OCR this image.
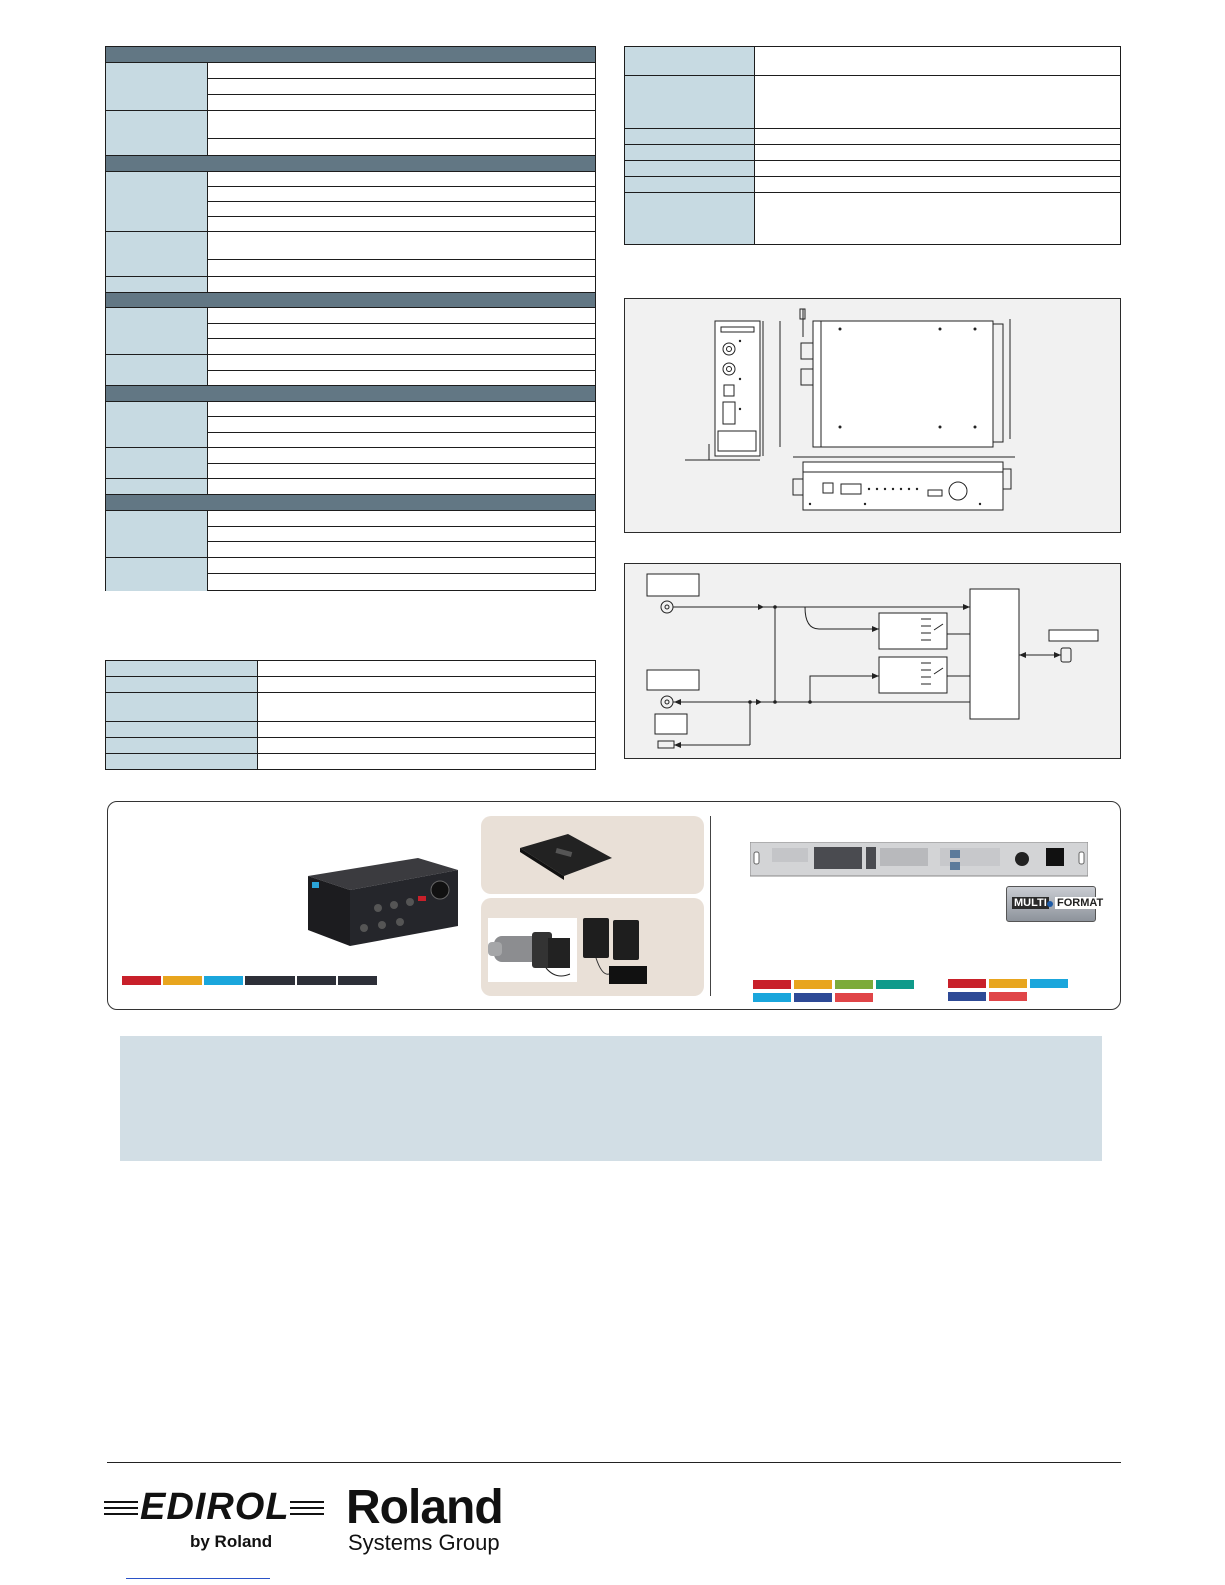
MULTI FORMAT
EDIROL
by Roland
Roland
Systems Group
